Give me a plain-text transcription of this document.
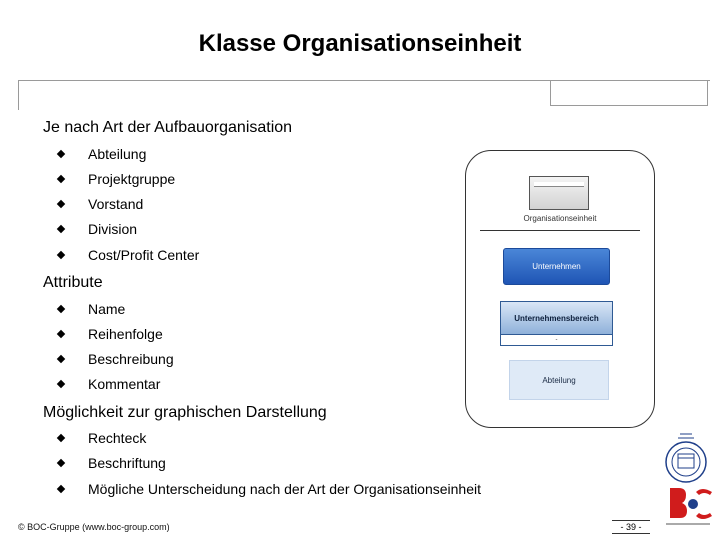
Klasse Organisationseinheit
Je nach Art der Aufbauorganisation
Abteilung
Projektgruppe
Vorstand
Division
Cost/Profit Center
Attribute
Name
Reihenfolge
Beschreibung
Kommentar
Möglichkeit zur graphischen Darstellung
Rechteck
Beschriftung
Mögliche Unterscheidung nach der Art der Organisationseinheit
Organisationseinheit
Unternehmen
Unternehmensbereich
-
Abteilung
© BOC-Gruppe (www.boc-group.com)	- 39 -
